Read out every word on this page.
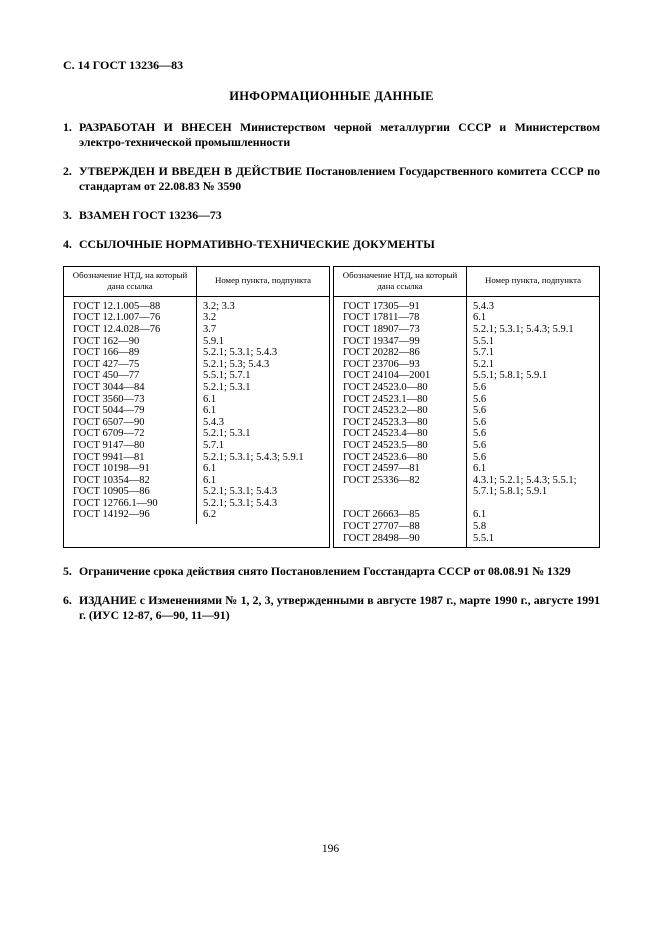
С. 14 ГОСТ 13236—83

ИНФОРМАЦИОННЫЕ ДАННЫЕ

1. РАЗРАБОТАН И ВНЕСЕН Министерством черной металлургии СССР и Министерством электро-технической промышленности

2. УТВЕРЖДЕН И ВВЕДЕН В ДЕЙСТВИЕ Постановлением Государственного комитета СССР по стандартам от 22.08.83 № 3590

3. ВЗАМЕН ГОСТ 13236—73

4. ССЫЛОЧНЫЕ НОРМАТИВНО-ТЕХНИЧЕСКИЕ ДОКУМЕНТЫ

Обозначение НТД, на который дана ссылка	Номер пункта, подпункта
ГОСТ 12.1.005—88	3.2; 3.3
ГОСТ 12.1.007—76	3.2
ГОСТ 12.4.028—76	3.7
ГОСТ 162—90	5.9.1
ГОСТ 166—89	5.2.1; 5.3.1; 5.4.3
ГОСТ 427—75	5.2.1; 5.3; 5.4.3
ГОСТ 450—77	5.5.1; 5.7.1
ГОСТ 3044—84	5.2.1; 5.3.1
ГОСТ 3560—73	6.1
ГОСТ 5044—79	6.1
ГОСТ 6507—90	5.4.3
ГОСТ 6709—72	5.2.1; 5.3.1
ГОСТ 9147—80	5.7.1
ГОСТ 9941—81	5.2.1; 5.3.1; 5.4.3; 5.9.1
ГОСТ 10198—91	6.1
ГОСТ 10354—82	6.1
ГОСТ 10905—86	5.2.1; 5.3.1; 5.4.3
ГОСТ 12766.1—90	5.2.1; 5.3.1; 5.4.3
ГОСТ 14192—96	6.2
Обозначение НТД, на который дана ссылка	Номер пункта, подпункта
ГОСТ 17305—91	5.4.3
ГОСТ 17811—78	6.1
ГОСТ 18907—73	5.2.1; 5.3.1; 5.4.3; 5.9.1
ГОСТ 19347—99	5.5.1
ГОСТ 20282—86	5.7.1
ГОСТ 23706—93	5.2.1
ГОСТ 24104—2001	5.5.1; 5.8.1; 5.9.1
ГОСТ 24523.0—80	5.6
ГОСТ 24523.1—80	5.6
ГОСТ 24523.2—80	5.6
ГОСТ 24523.3—80	5.6
ГОСТ 24523.4—80	5.6
ГОСТ 24523.5—80	5.6
ГОСТ 24523.6—80	5.6
ГОСТ 24597—81	6.1
ГОСТ 25336—82	4.3.1; 5.2.1; 5.4.3; 5.5.1; 5.7.1; 5.8.1; 5.9.1

ГОСТ 26663—85	6.1
ГОСТ 27707—88	5.8
ГОСТ 28498—90	5.5.1

5. Ограничение срока действия снято Постановлением Госстандарта СССР от 08.08.91 № 1329

6. ИЗДАНИЕ с Изменениями № 1, 2, 3, утвержденными в августе 1987 г., марте 1990 г., августе 1991 г. (ИУС 12-87, 6—90, 11—91)

196
